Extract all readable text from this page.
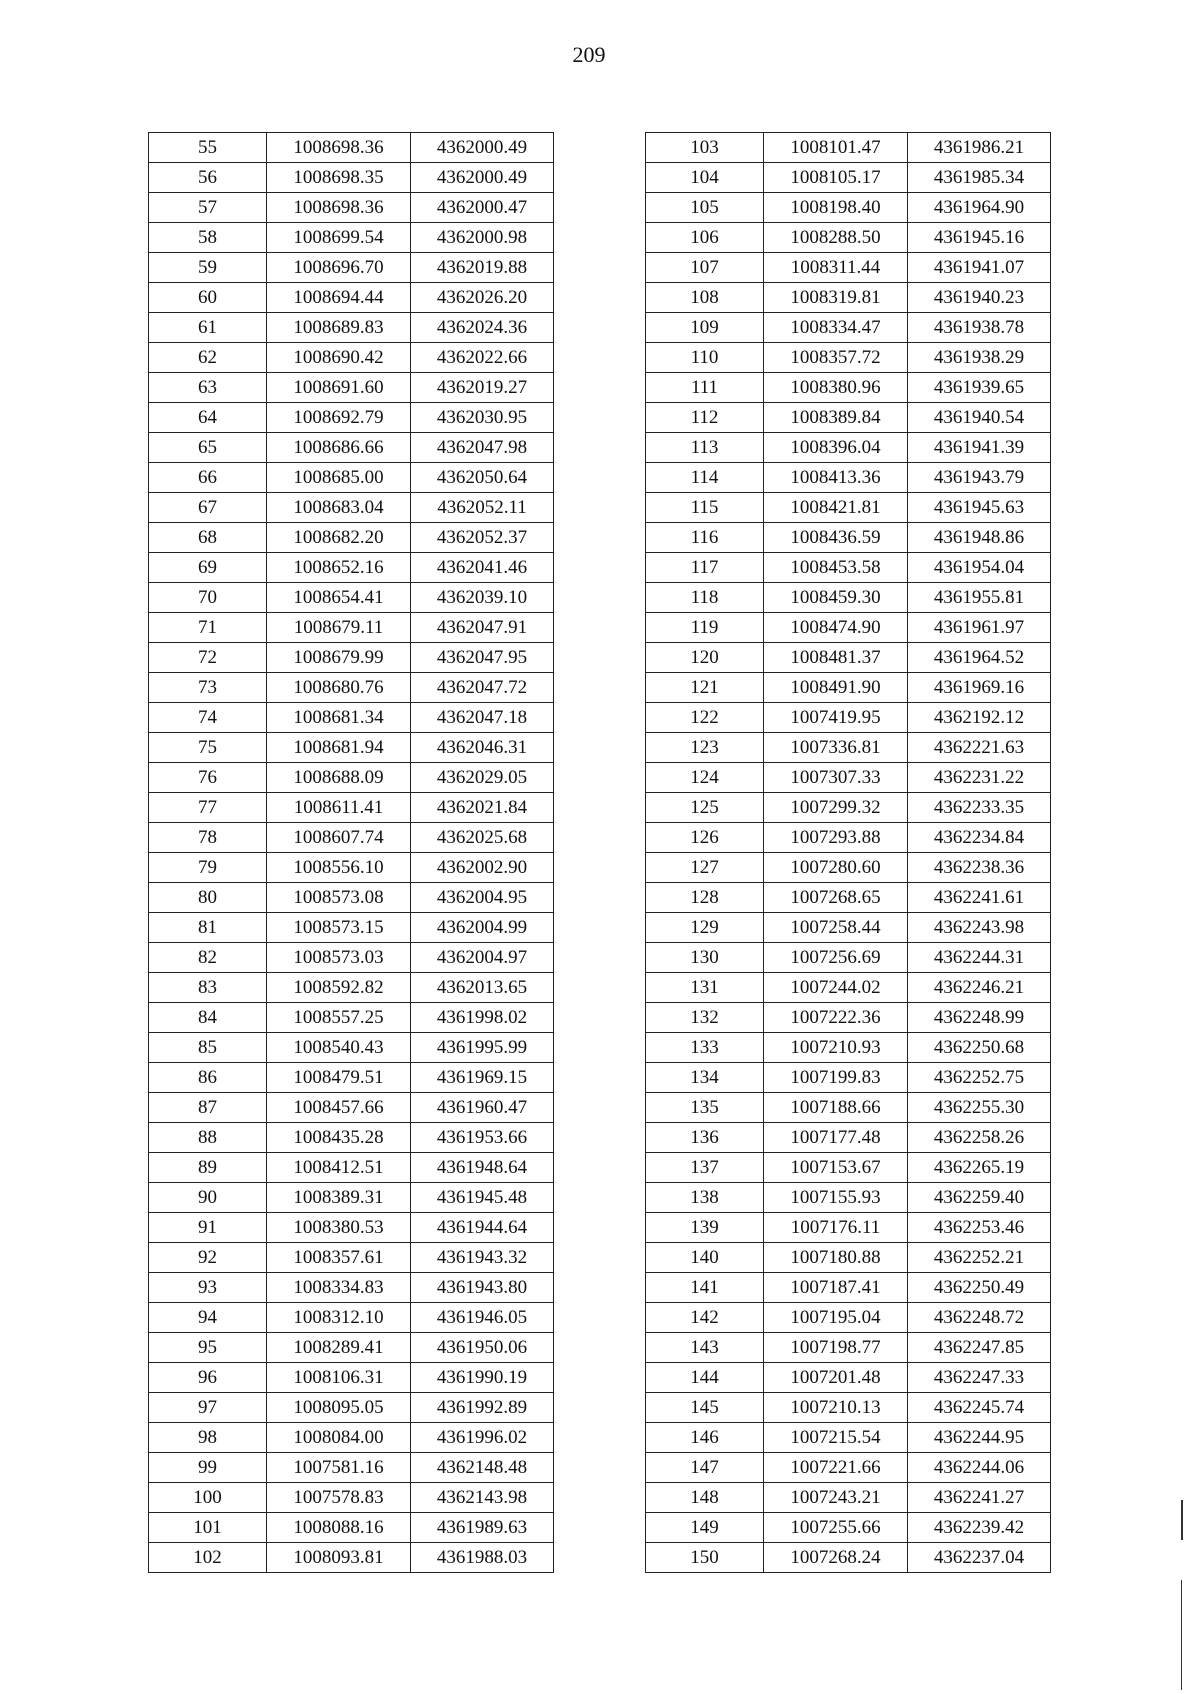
209
55	1008698.36	4362000.49
56	1008698.35	4362000.49
57	1008698.36	4362000.47
58	1008699.54	4362000.98
59	1008696.70	4362019.88
60	1008694.44	4362026.20
61	1008689.83	4362024.36
62	1008690.42	4362022.66
63	1008691.60	4362019.27
64	1008692.79	4362030.95
65	1008686.66	4362047.98
66	1008685.00	4362050.64
67	1008683.04	4362052.11
68	1008682.20	4362052.37
69	1008652.16	4362041.46
70	1008654.41	4362039.10
71	1008679.11	4362047.91
72	1008679.99	4362047.95
73	1008680.76	4362047.72
74	1008681.34	4362047.18
75	1008681.94	4362046.31
76	1008688.09	4362029.05
77	1008611.41	4362021.84
78	1008607.74	4362025.68
79	1008556.10	4362002.90
80	1008573.08	4362004.95
81	1008573.15	4362004.99
82	1008573.03	4362004.97
83	1008592.82	4362013.65
84	1008557.25	4361998.02
85	1008540.43	4361995.99
86	1008479.51	4361969.15
87	1008457.66	4361960.47
88	1008435.28	4361953.66
89	1008412.51	4361948.64
90	1008389.31	4361945.48
91	1008380.53	4361944.64
92	1008357.61	4361943.32
93	1008334.83	4361943.80
94	1008312.10	4361946.05
95	1008289.41	4361950.06
96	1008106.31	4361990.19
97	1008095.05	4361992.89
98	1008084.00	4361996.02
99	1007581.16	4362148.48
100	1007578.83	4362143.98
101	1008088.16	4361989.63
102	1008093.81	4361988.03
103	1008101.47	4361986.21
104	1008105.17	4361985.34
105	1008198.40	4361964.90
106	1008288.50	4361945.16
107	1008311.44	4361941.07
108	1008319.81	4361940.23
109	1008334.47	4361938.78
110	1008357.72	4361938.29
111	1008380.96	4361939.65
112	1008389.84	4361940.54
113	1008396.04	4361941.39
114	1008413.36	4361943.79
115	1008421.81	4361945.63
116	1008436.59	4361948.86
117	1008453.58	4361954.04
118	1008459.30	4361955.81
119	1008474.90	4361961.97
120	1008481.37	4361964.52
121	1008491.90	4361969.16
122	1007419.95	4362192.12
123	1007336.81	4362221.63
124	1007307.33	4362231.22
125	1007299.32	4362233.35
126	1007293.88	4362234.84
127	1007280.60	4362238.36
128	1007268.65	4362241.61
129	1007258.44	4362243.98
130	1007256.69	4362244.31
131	1007244.02	4362246.21
132	1007222.36	4362248.99
133	1007210.93	4362250.68
134	1007199.83	4362252.75
135	1007188.66	4362255.30
136	1007177.48	4362258.26
137	1007153.67	4362265.19
138	1007155.93	4362259.40
139	1007176.11	4362253.46
140	1007180.88	4362252.21
141	1007187.41	4362250.49
142	1007195.04	4362248.72
143	1007198.77	4362247.85
144	1007201.48	4362247.33
145	1007210.13	4362245.74
146	1007215.54	4362244.95
147	1007221.66	4362244.06
148	1007243.21	4362241.27
149	1007255.66	4362239.42
150	1007268.24	4362237.04
